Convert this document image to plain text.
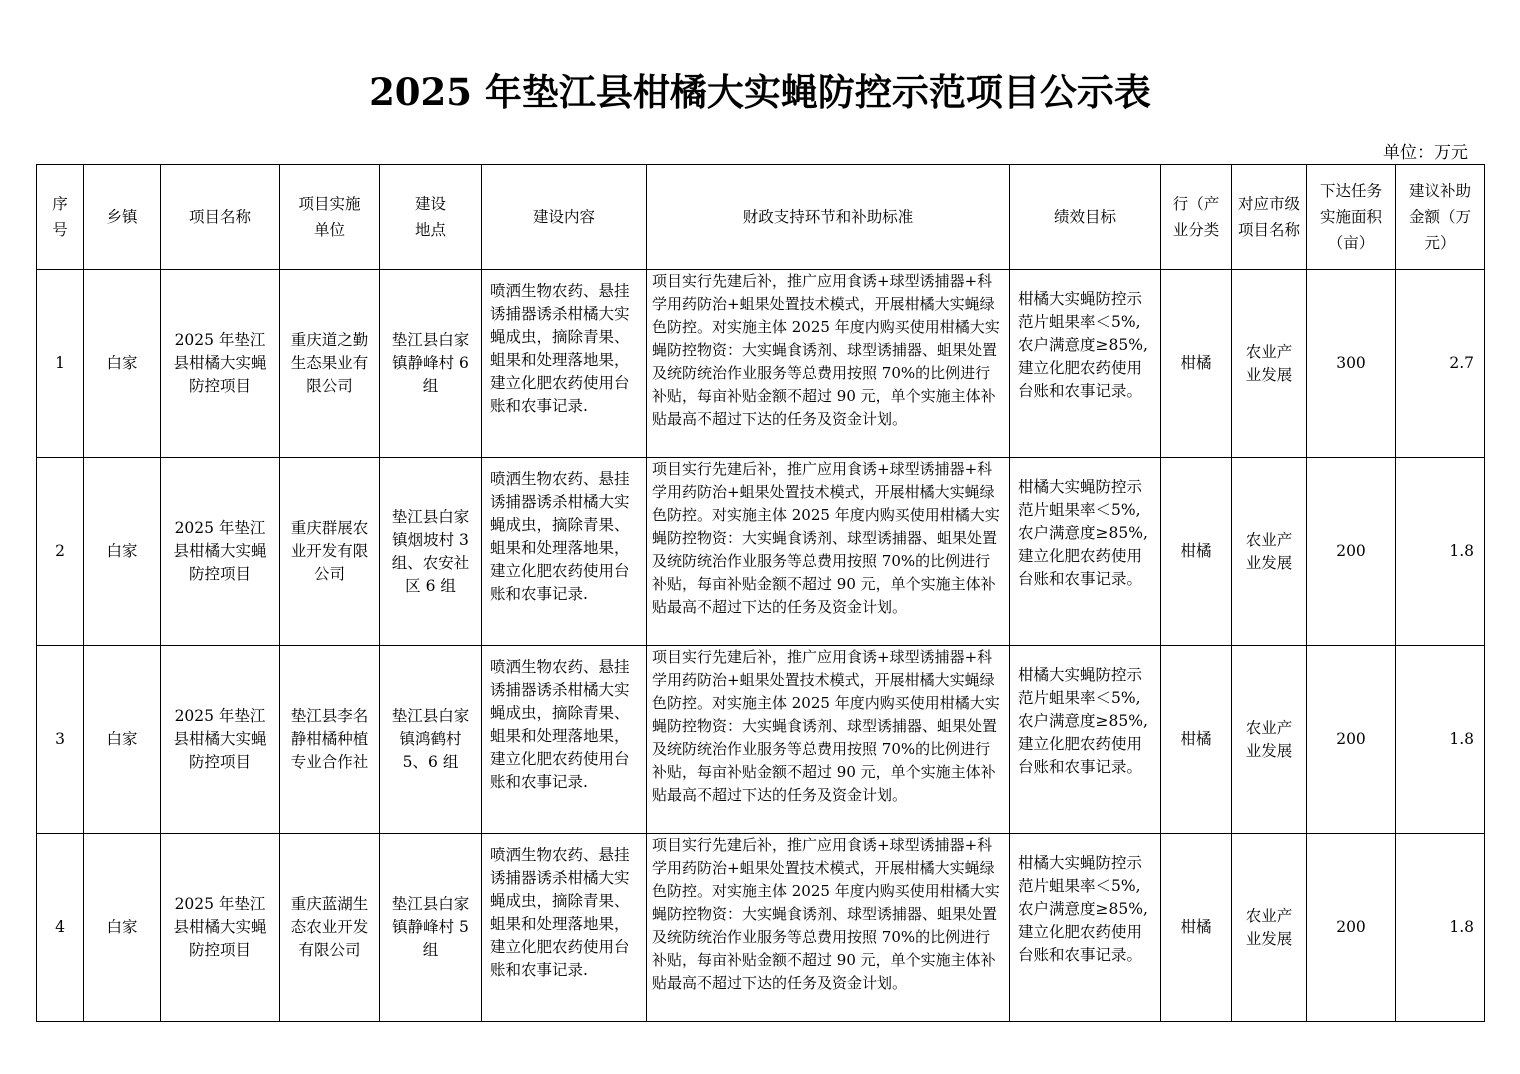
2025 年垫江县柑橘大实蝇防控示范项目公示表
单位：万元
序号	乡镇	项目名称	项目实施单位	建设地点	建设内容	财政支持环节和补助标准	绩效目标	行（产业分类	对应市级项目名称	下达任务实施面积（亩）	建议补助金额（万元）
1	白家	2025 年垫江县柑橘大实蝇防控项目	重庆道之勤生态果业有限公司	垫江县白家镇静峰村 6 组	喷洒生物农药、悬挂诱捕器诱杀柑橘大实蝇成虫，摘除青果、蛆果和处理落地果，建立化肥农药使用台账和农事记录.	项目实行先建后补，推广应用食诱+球型诱捕器+科学用药防治+蛆果处置技术模式，开展柑橘大实蝇绿色防控。对实施主体 2025 年度内购买使用柑橘大实蝇防控物资：大实蝇食诱剂、球型诱捕器、蛆果处置及统防统治作业服务等总费用按照 70%的比例进行补贴，每亩补贴金额不超过 90 元，单个实施主体补贴最高不超过下达的任务及资金计划。	柑橘大实蝇防控示范片蛆果率＜5%,农户满意度≥85%,建立化肥农药使用台账和农事记录。	柑橘	农业产业发展	300	2.7
2	白家	2025 年垫江县柑橘大实蝇防控项目	重庆群展农业开发有限公司	垫江县白家镇烟坡村 3 组、农安社区 6 组	喷洒生物农药、悬挂诱捕器诱杀柑橘大实蝇成虫，摘除青果、蛆果和处理落地果，建立化肥农药使用台账和农事记录.	项目实行先建后补，推广应用食诱+球型诱捕器+科学用药防治+蛆果处置技术模式，开展柑橘大实蝇绿色防控。对实施主体 2025 年度内购买使用柑橘大实蝇防控物资：大实蝇食诱剂、球型诱捕器、蛆果处置及统防统治作业服务等总费用按照 70%的比例进行补贴，每亩补贴金额不超过 90 元，单个实施主体补贴最高不超过下达的任务及资金计划。	柑橘大实蝇防控示范片蛆果率＜5%,农户满意度≥85%,建立化肥农药使用台账和农事记录。	柑橘	农业产业发展	200	1.8
3	白家	2025 年垫江县柑橘大实蝇防控项目	垫江县李名静柑橘种植专业合作社	垫江县白家镇鸿鹤村 5、6 组	喷洒生物农药、悬挂诱捕器诱杀柑橘大实蝇成虫，摘除青果、蛆果和处理落地果，建立化肥农药使用台账和农事记录.	项目实行先建后补，推广应用食诱+球型诱捕器+科学用药防治+蛆果处置技术模式，开展柑橘大实蝇绿色防控。对实施主体 2025 年度内购买使用柑橘大实蝇防控物资：大实蝇食诱剂、球型诱捕器、蛆果处置及统防统治作业服务等总费用按照 70%的比例进行补贴，每亩补贴金额不超过 90 元，单个实施主体补贴最高不超过下达的任务及资金计划。	柑橘大实蝇防控示范片蛆果率＜5%,农户满意度≥85%,建立化肥农药使用台账和农事记录。	柑橘	农业产业发展	200	1.8
4	白家	2025 年垫江县柑橘大实蝇防控项目	重庆蓝湖生态农业开发有限公司	垫江县白家镇静峰村 5 组	喷洒生物农药、悬挂诱捕器诱杀柑橘大实蝇成虫，摘除青果、蛆果和处理落地果，建立化肥农药使用台账和农事记录.	项目实行先建后补，推广应用食诱+球型诱捕器+科学用药防治+蛆果处置技术模式，开展柑橘大实蝇绿色防控。对实施主体 2025 年度内购买使用柑橘大实蝇防控物资：大实蝇食诱剂、球型诱捕器、蛆果处置及统防统治作业服务等总费用按照 70%的比例进行补贴，每亩补贴金额不超过 90 元，单个实施主体补贴最高不超过下达的任务及资金计划。	柑橘大实蝇防控示范片蛆果率＜5%,农户满意度≥85%,建立化肥农药使用台账和农事记录。	柑橘	农业产业发展	200	1.8
